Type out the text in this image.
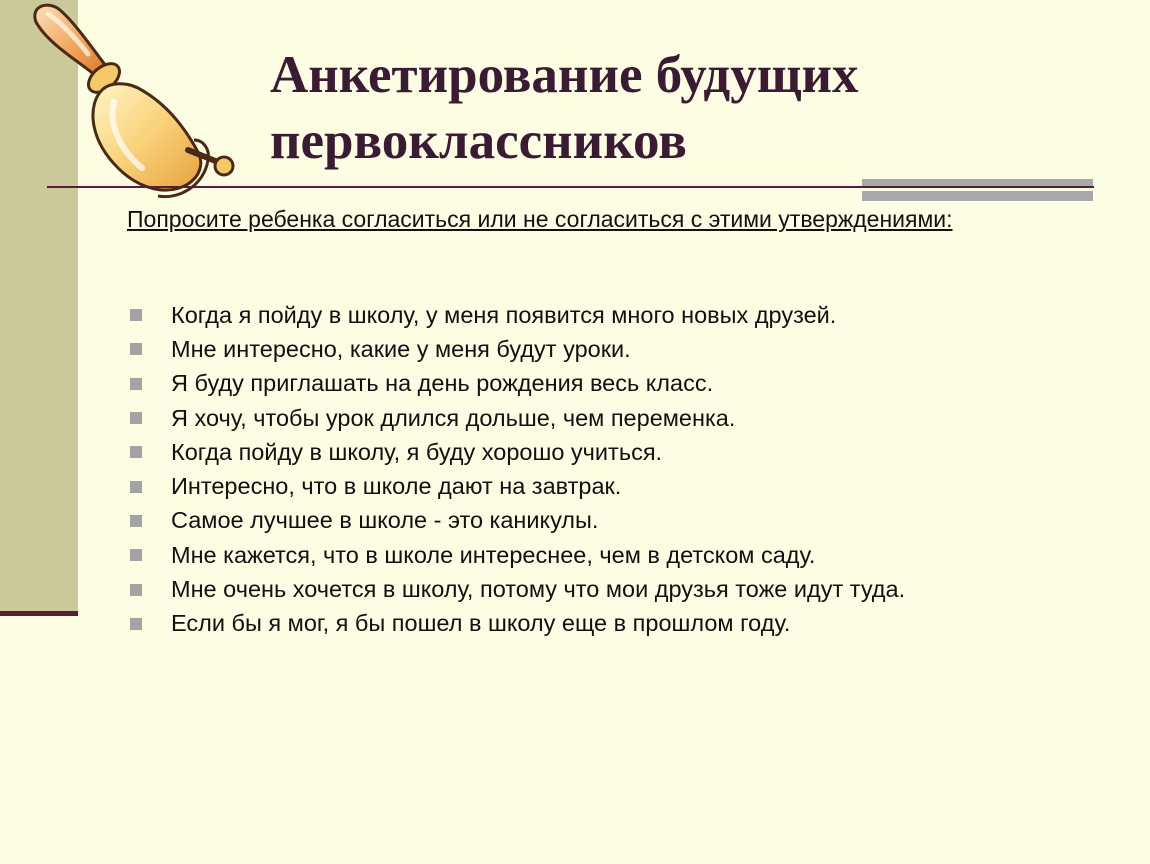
Анкетирование будущих
первоклассников

Попросите ребенка согласиться или не согласиться с этими утверждениями:

Когда я пойду в школу, у меня появится много новых друзей.
Мне интересно, какие у меня будут уроки.
Я буду приглашать на день рождения весь класс.
Я хочу, чтобы урок длился дольше, чем переменка.
Когда пойду в школу, я буду хорошо учиться.
Интересно, что в школе дают на завтрак.
Самое лучшее в школе - это каникулы.
Мне кажется, что в школе интереснее, чем в детском саду.
Мне очень хочется в школу, потому что мои друзья тоже идут туда.
Если бы я мог, я бы пошел в школу еще в прошлом году.
